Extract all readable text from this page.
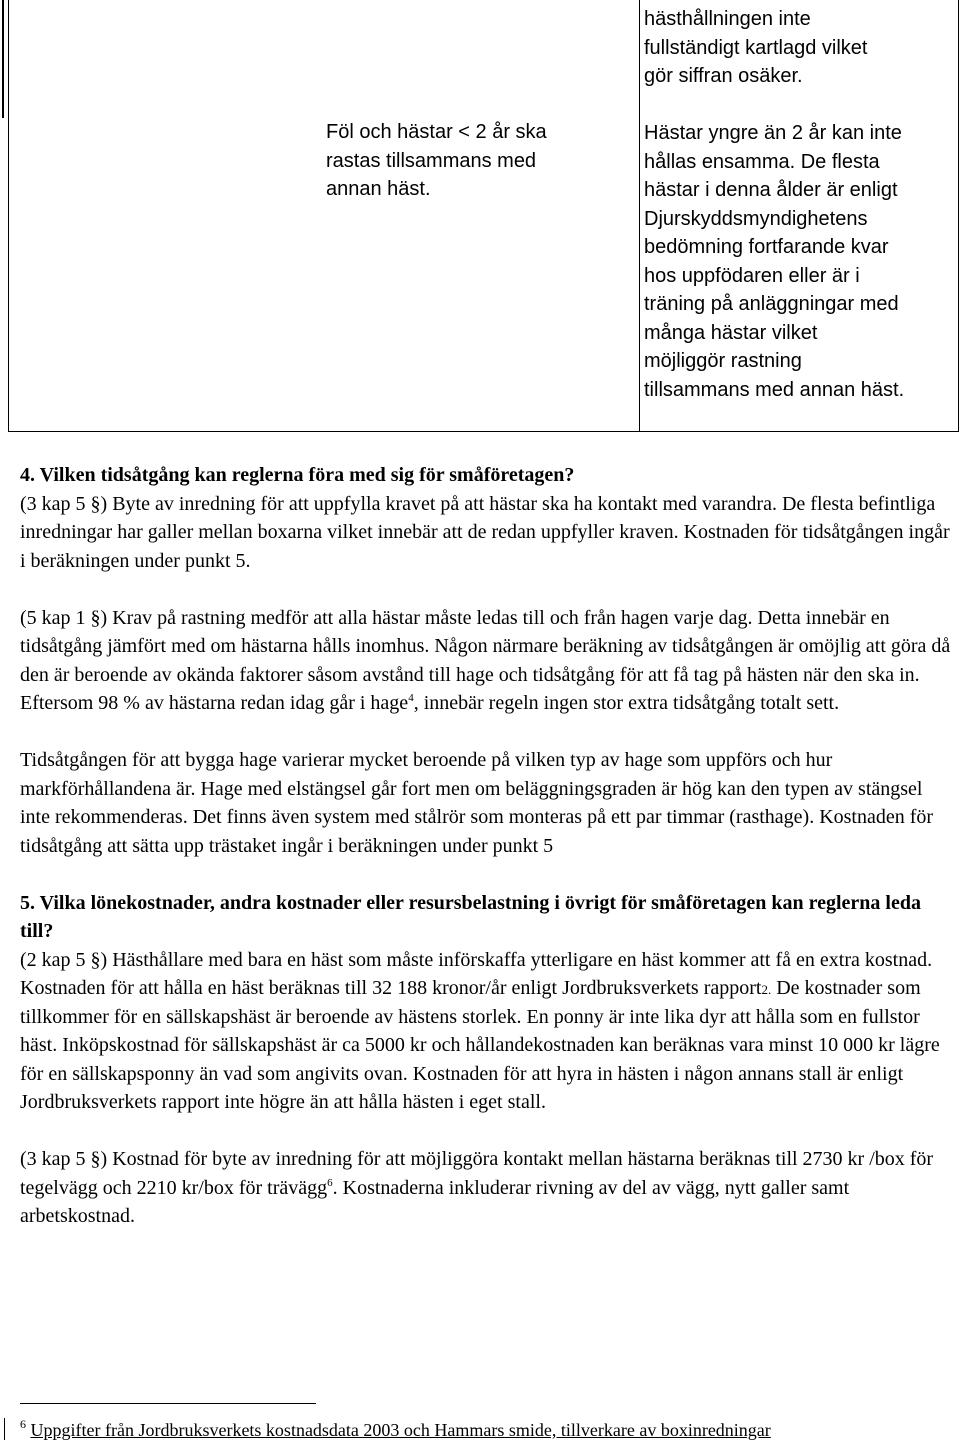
Föl och hästar < 2 år ska
rastas tillsammans med
annan häst.
hästhållningen inte
fullständigt kartlagd vilket
gör siffran osäker.
Hästar yngre än 2 år kan inte
hållas ensamma. De flesta
hästar i denna ålder är enligt
Djurskyddsmyndighetens
bedömning fortfarande kvar
hos uppfödaren eller är i
träning på anläggningar med
många hästar vilket
möjliggör rastning
tillsammans med annan häst.
4. Vilken tidsåtgång kan reglerna föra med sig för småföretagen?

(3 kap 5 §) Byte av inredning för att uppfylla kravet på att hästar ska ha kontakt med varandra. De flesta befintliga inredningar har galler mellan boxarna vilket innebär att de redan uppfyller kraven. Kostnaden för tidsåtgången ingår i beräkningen under punkt 5.

(5 kap 1 §) Krav på rastning medför att alla hästar måste ledas till och från hagen varje dag. Detta innebär en tidsåtgång jämfört med om hästarna hålls inomhus. Någon närmare beräkning av tidsåtgången är omöjlig att göra då den är beroende av okända faktorer såsom avstånd till hage och tidsåtgång för att få tag på hästen när den ska in. Eftersom 98 % av hästarna redan idag går i hage$^4$, innebär regeln ingen stor extra tidsåtgång totalt sett.

Tidsåtgången för att bygga hage varierar mycket beroende på vilken typ av hage som uppförs och hur markförhållandena är. Hage med elstängsel går fort men om beläggningsgraden är hög kan den typen av stängsel inte rekommenderas. Det finns även system med stålrör som monteras på ett par timmar (rasthage). Kostnaden för tidsåtgång att sätta upp trästaket ingår i beräkningen under punkt 5

5. Vilka lönekostnader, andra kostnader eller resursbelastning i övrigt för småföretagen kan reglerna leda till?

(2 kap 5 §) Hästhållare med bara en häst som måste införskaffa ytterligare en häst kommer att få en extra kostnad. Kostnaden för att hålla en häst beräknas till 32 188 kronor/år enligt Jordbruksverkets rapport2. De kostnader som tillkommer för en sällskapshäst är beroende av hästens storlek. En ponny är inte lika dyr att hålla som en fullstor häst. Inköpskostnad för sällskapshäst är ca 5000 kr och hållandekostnaden kan beräknas vara minst 10 000 kr lägre för en sällskapsponny än vad som angivits ovan. Kostnaden för att hyra in hästen i någon annans stall är enligt Jordbruksverkets rapport inte högre än att hålla hästen i eget stall.

(3 kap 5 §) Kostnad för byte av inredning för att möjliggöra kontakt mellan hästarna beräknas till 2730 kr /box för tegelvägg och 2210 kr/box för trävägg$^6$. Kostnaderna inkluderar rivning av del av vägg, nytt galler samt arbetskostnad.

$^6$ Uppgifter från Jordbruksverkets kostnadsdata 2003 och Hammars smide, tillverkare av boxinredningar
